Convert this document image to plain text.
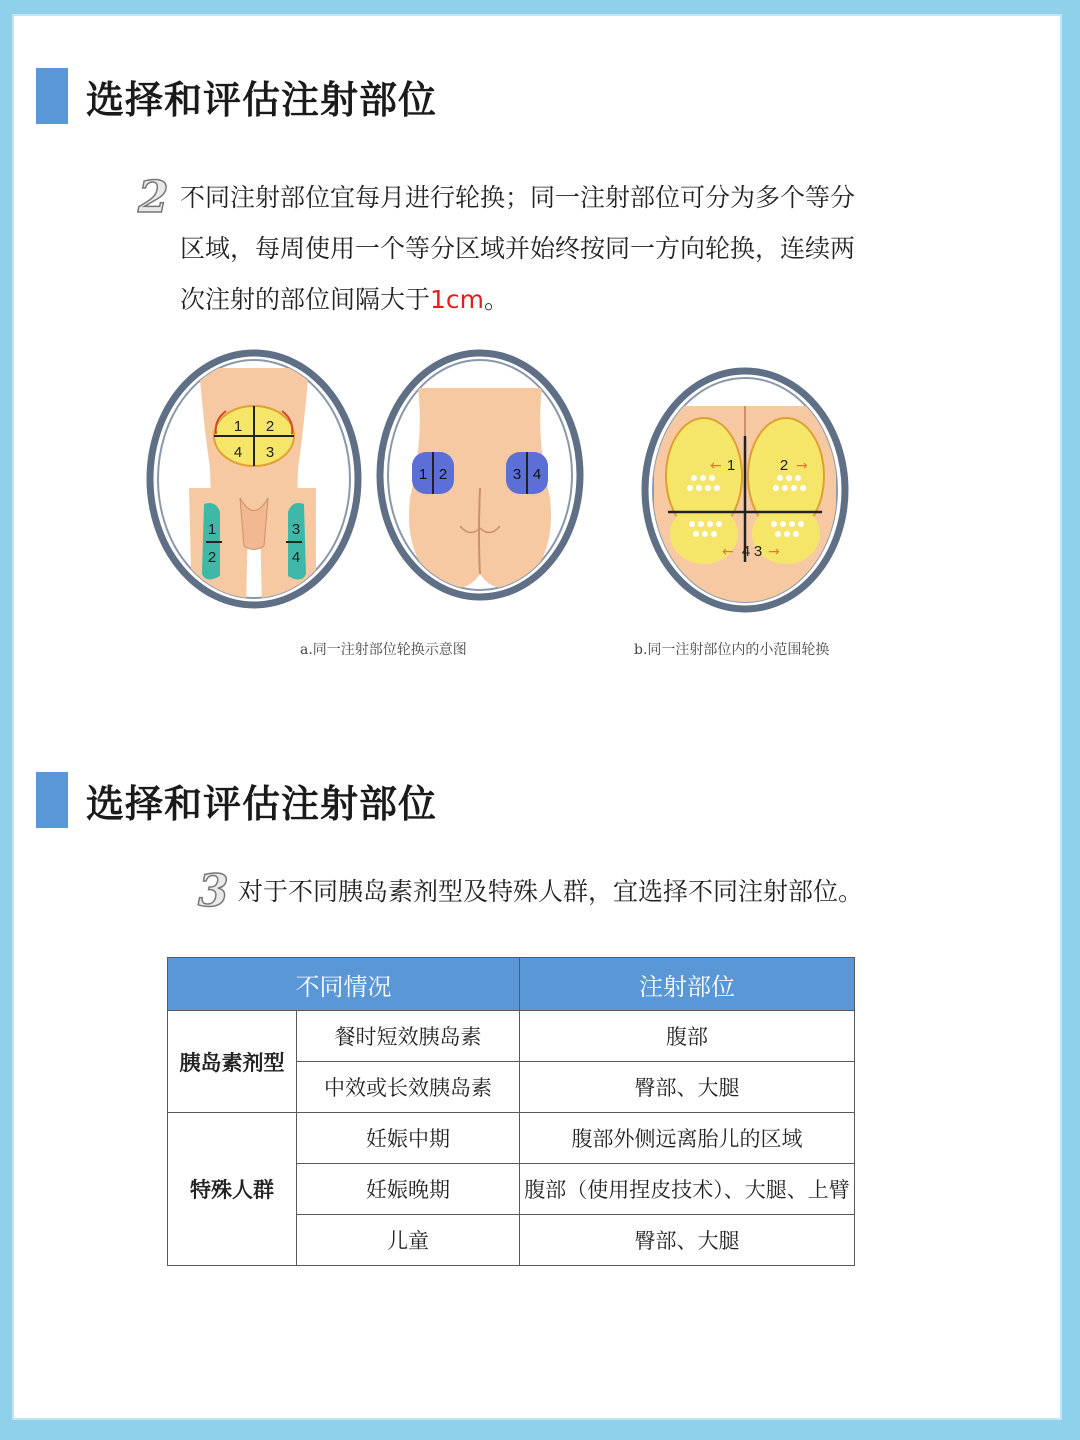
选择和评估注射部位
2 不同注射部位宜每月进行轮换；同一注射部位可分为多个等分
区域，每周使用一个等分区域并始终按同一方向轮换，连续两
次注射的部位间隔大于1cm。
1 2
4 3
1
2
3
4
1 2	3 4	←	→
← →
1	2
4 3
a.同一注射部位轮换示意图	b.同一注射部位内的小范围轮换
选择和评估注射部位
3 对于不同胰岛素剂型及特殊人群，宜选择不同注射部位。
不同情况		注射部位
胰岛素剂型	餐时短效胰岛素	腹部
	中效或长效胰岛素	臀部、大腿
特殊人群	妊娠中期	腹部外侧远离胎儿的区域
	妊娠晚期	腹部（使用捏皮技术）、大腿、上臂
	儿童	臀部、大腿
